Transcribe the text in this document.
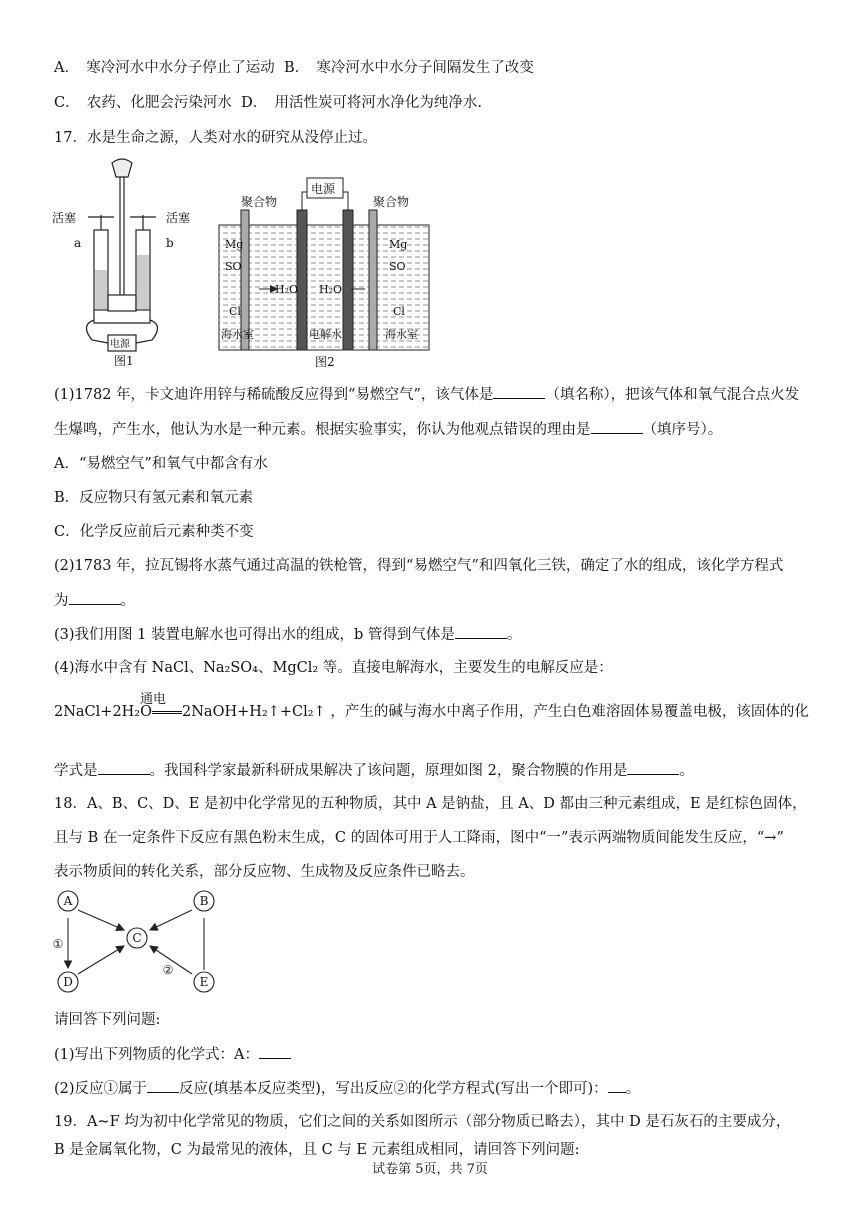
A．　寒冷河水中水分子停止了运动 B．　寒冷河水中水分子间隔发生了改变
C．　农药、化肥会污染河水 D．　用活性炭可将河水净化为纯净水.
17．水是生命之源，人类对水的研究从没停止过。
活塞	活塞
a	b
电源
图1
电源
聚合物	聚合物
Mg
SO
Cl
Mg
SO
Cl
H₂O H₂O
海水室	电解水	海水室
图2
(1)1782 年，卡文迪许用锌与稀硫酸反应得到“易燃空气”，该气体是	（填名称），把该气体和氧气混合点火发
生爆鸣，产生水，他认为水是一种元素。根据实验事实，你认为他观点错误的理由是	（填序号）。
A．“易燃空气”和氧气中都含有水
B．反应物只有氢元素和氧元素
C．化学反应前后元素种类不变
(2)1783 年，拉瓦锡将水蒸气通过高温的铁枪管，得到“易燃空气”和四氧化三铁，确定了水的组成，该化学方程式
为	。
(3)我们用图 1 装置电解水也可得出水的组成，b 管得到气体是	。
(4)海水中含有 NaCl、Na₂SO₄、MgCl₂ 等。直接电解海水，主要发生的电解反应是：
通电
2NaCl+2H₂O 2NaOH+H₂↑+Cl₂↑ ，产生的碱与海水中离子作用，产生白色难溶固体易覆盖电极，该固体的化
学式是	。我国科学家最新科研成果解决了该问题，原理如图 2，聚合物膜的作用是	。
18．A、B、C、D、E 是初中化学常见的五种物质，其中 A 是钠盐，且 A、D 都由三种元素组成，E 是红棕色固体，
且与 B 在一定条件下反应有黑色粉末生成，C 的固体可用于人工降雨，图中“一”表示两端物质间能发生反应，“→”
表示物质间的转化关系，部分反应物、生成物及反应条件已略去。
A	B
C
D	E
①
②
请回答下列问题:
(1)写出下列物质的化学式：A：
(2)反应①属于 反应(填基本反应类型)，写出反应②的化学方程式(写出一个即可)： 。
19．A~F 均为初中化学常见的物质，它们之间的关系如图所示（部分物质已略去），其中 D 是石灰石的主要成分，
B 是金属氧化物，C 为最常见的液体，且 C 与 E 元素组成相同，请回答下列问题:
试卷第 5页，共 7页
